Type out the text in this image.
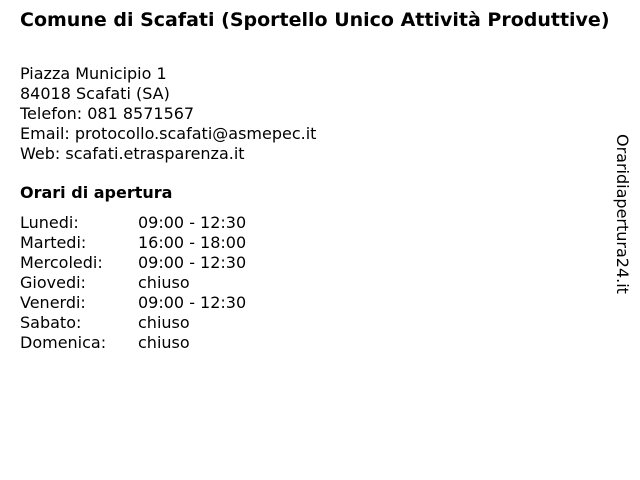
Comune di Scafati (Sportello Unico Attività Produttive)
Piazza Municipio 1
84018 Scafati (SA)
Telefon: 081 8571567
Email: protocollo.scafati@asmepec.it
Web: scafati.etrasparenza.it
Orari di apertura
Lunedi:	09:00 - 12:30
Martedi:	16:00 - 18:00
Mercoledi: 09:00 - 12:30
Giovedi:	chiuso
Venerdi:	09:00 - 12:30
Sabato:	chiuso
Domenica: chiuso
Oraridiapertura24.it
